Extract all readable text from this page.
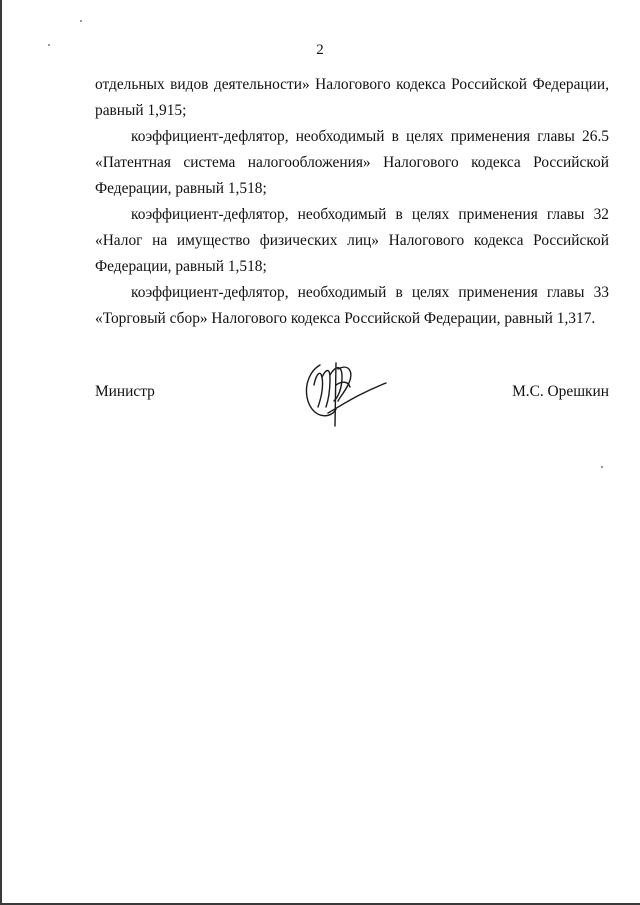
2

отдельных видов деятельности» Налогового кодекса Российской Федерации, равный 1,915;

коэффициент-дефлятор, необходимый в целях применения главы 26.5 «Патентная система налогообложения» Налогового кодекса Российской Федерации, равный 1,518;

коэффициент-дефлятор, необходимый в целях применения главы 32 «Налог на имущество физических лиц» Налогового кодекса Российской Федерации, равный 1,518;

коэффициент-дефлятор, необходимый в целях применения главы 33 «Торговый сбор» Налогового кодекса Российской Федерации, равный 1,317.

Министр	М.С. Орешкин
